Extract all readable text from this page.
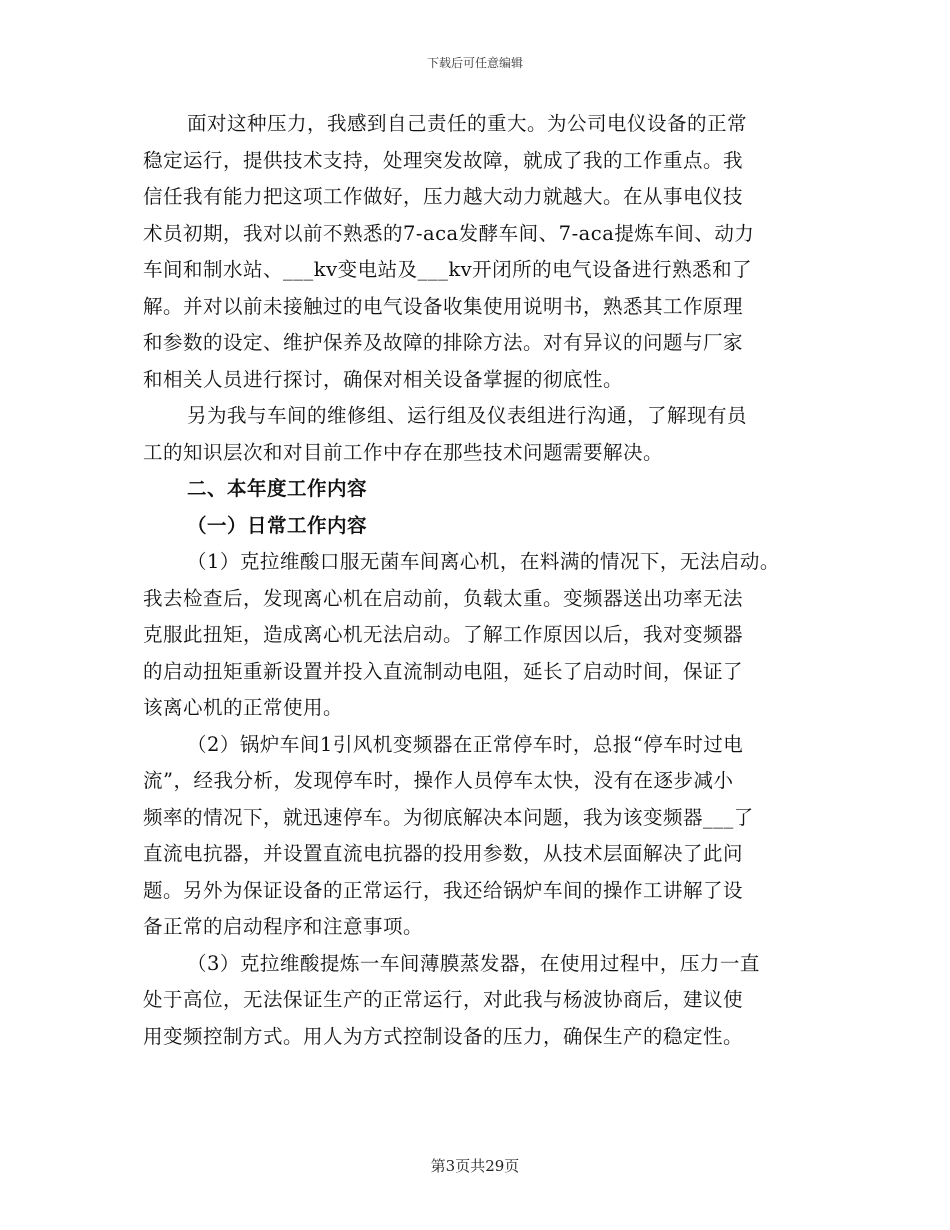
下载后可任意编辑
面对这种压力，我感到自己责任的重大。为公司电仪设备的正常
稳定运行，提供技术支持，处理突发故障，就成了我的工作重点。我
信任我有能力把这项工作做好，压力越大动力就越大。在从事电仪技
术员初期，我对以前不熟悉的7-aca发酵车间、7-aca提炼车间、动力
车间和制水站、___kv变电站及___kv开闭所的电气设备进行熟悉和了
解。并对以前未接触过的电气设备收集使用说明书，熟悉其工作原理
和参数的设定、维护保养及故障的排除方法。对有异议的问题与厂家
和相关人员进行探讨，确保对相关设备掌握的彻底性。
另为我与车间的维修组、运行组及仪表组进行沟通，了解现有员
工的知识层次和对目前工作中存在那些技术问题需要解决。
二、本年度工作内容
（一）日常工作内容
（1）克拉维酸口服无菌车间离心机，在料满的情况下，无法启动。
我去检查后，发现离心机在启动前，负载太重。变频器送出功率无法
克服此扭矩，造成离心机无法启动。了解工作原因以后，我对变频器
的启动扭矩重新设置并投入直流制动电阻，延长了启动时间，保证了
该离心机的正常使用。
（2）锅炉车间1引风机变频器在正常停车时，总报“停车时过电
流”，经我分析，发现停车时，操作人员停车太快，没有在逐步减小
频率的情况下，就迅速停车。为彻底解决本问题，我为该变频器___了
直流电抗器，并设置直流电抗器的投用参数，从技术层面解决了此问
题。另外为保证设备的正常运行，我还给锅炉车间的操作工讲解了设
备正常的启动程序和注意事项。
（3）克拉维酸提炼一车间薄膜蒸发器，在使用过程中，压力一直
处于高位，无法保证生产的正常运行，对此我与杨波协商后，建议使
用变频控制方式。用人为方式控制设备的压力，确保生产的稳定性。
第3页共29页
